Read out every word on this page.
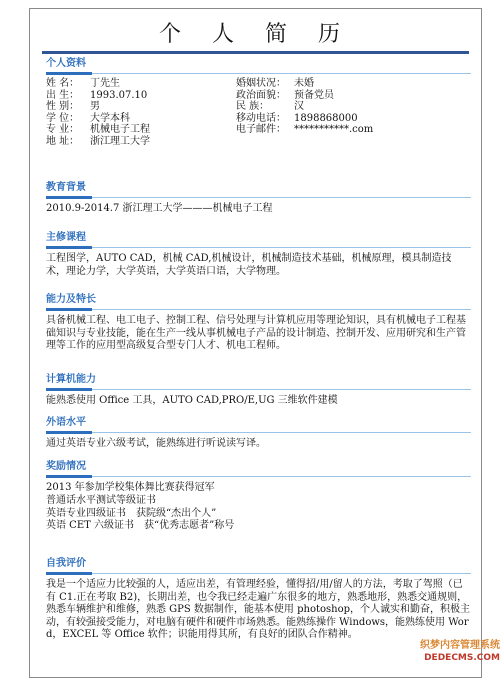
个 人 简 历
个人资料
姓 名：	丁先生	婚姻状况： 未婚
出 生：	1993.07.10	政治面貌： 预备党员
性 别：	男	民 族：	汉
学 位：	大学本科	移动电话： 1898868000
专 业：	机械电子工程	电子邮件： ***********.com
地 址：	浙江理工大学
教育背景
2010.9-2014.7 浙江理工大学———机械电子工程
主修课程
工程图学，AUTO CAD，机械 CAD,机械设计，机械制造技术基础，机械原理，模具制造技术，理论力学，大学英语，大学英语口语，大学物理。
能力及特长
具备机械工程、电工电子、控制工程、信号处理与计算机应用等理论知识，具有机械电子工程基础知识与专业技能，能在生产一线从事机械电子产品的设计制造、控制开发、应用研究和生产管理等工作的应用型高级复合型专门人才、机电工程师。
计算机能力
能熟悉使用 Office 工具，AUTO CAD,PRO/E,UG 三维软件建模
外语水平
通过英语专业六级考试，能熟练进行听说读写译。
奖励情况
2013 年参加学校集体舞比赛获得冠军
普通话水平测试等级证书
英语专业四级证书　获院级“杰出个人”
英语 CET 六级证书　获“优秀志愿者”称号
自我评价
我是一个适应力比较强的人，适应出差，有管理经验，懂得招/用/留人的方法，考取了驾照（已有 C1.正在考取 B2)，长期出差，也令我已经走遍广东很多的地方，熟悉地形，熟悉交通规则，熟悉车辆维护和维修，熟悉 GPS 数据制作，能基本使用 photoshop，个人诚实和勤奋，积极主动，有较强接受能力，对电脑有硬件和硬件市场熟悉。能熟练操作 Windows，能熟练使用 Word，EXCEL 等 Office 软件；识能用得其所，有良好的团队合作精神。
织梦内容管理系统
DEDECMS.COM
